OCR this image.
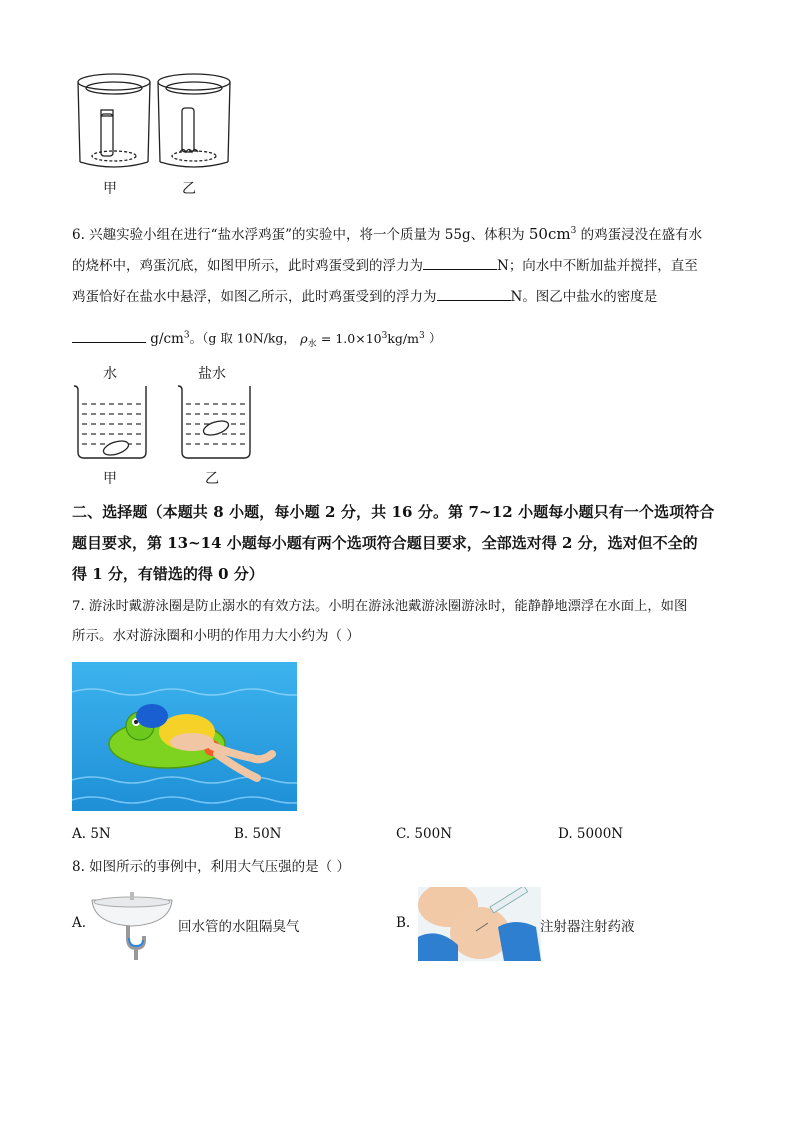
甲	乙
6. 兴趣实验小组在进行“盐水浮鸡蛋”的实验中，将一个质量为 55g、体积为 $50cm^3$ 的鸡蛋浸没在盛有水
的烧杯中，鸡蛋沉底，如图甲所示，此时鸡蛋受到的浮力为	N；向水中不断加盐并搅拌，直至
鸡蛋恰好在盐水中悬浮，如图乙所示，此时鸡蛋受到的浮力为	N。图乙中盐水的密度是
$g/cm^3$。（g 取 10N/kg， $\rho_水 = 1.0\times 10^3kg/m^3$ ）
水	盐水
甲	乙
二、选择题（本题共 8 小题，每小题 2 分，共 16 分。第 7~12 小题每小题只有一个选项符合
题目要求，第 13~14 小题每小题有两个选项符合题目要求，全部选对得 2 分，选对但不全的
得 1 分，有错选的得 0 分）
7. 游泳时戴游泳圈是防止溺水的有效方法。小明在游泳池戴游泳圈游泳时，能静静地漂浮在水面上，如图
所示。水对游泳圈和小明的作用力大小约为（ ）
A. 5N	B. 50N	C. 500N	D. 5000N
8. 如图所示的事例中，利用大气压强的是（ ）
A.	回水管的水阻隔臭气	B.	注射器注射药液
